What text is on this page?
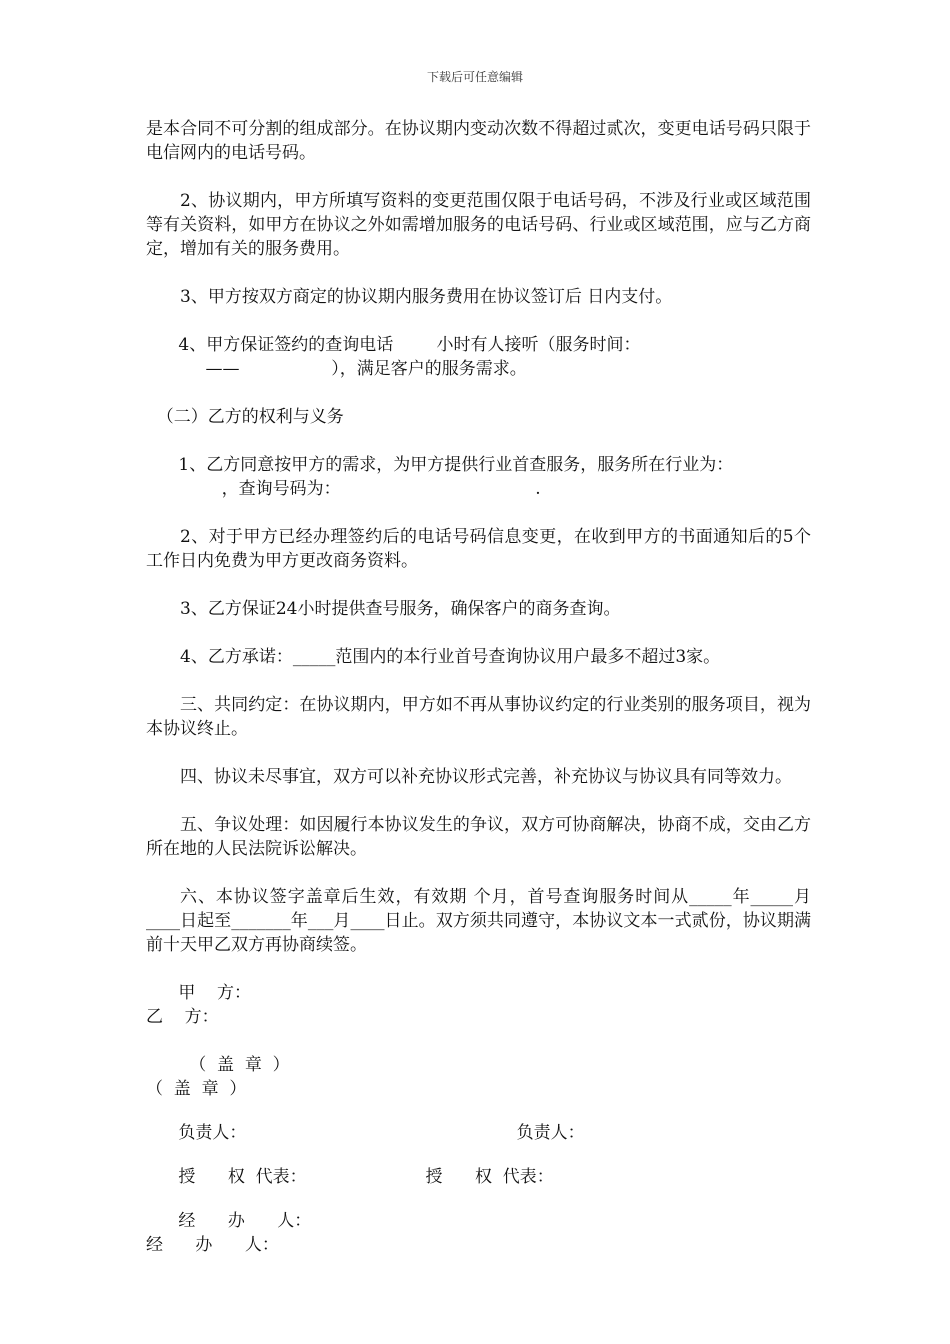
下载后可任意编辑

是本合同不可分割的组成部分。在协议期内变动次数不得超过贰次，变更电话号码只限于电信网内的电话号码。

2、协议期内，甲方所填写资料的变更范围仅限于电话号码，不涉及行业或区域范围等有关资料，如甲方在协议之外如需增加服务的电话号码、行业或区域范围，应与乙方商定，增加有关的服务费用。

3、甲方按双方商定的协议期内服务费用在协议签订后 日内支付。

4、甲方保证签约的查询电话        小时有人接听（服务时间：
——                 ），满足客户的服务需求。
（二）乙方的权利与义务
1、乙方同意按甲方的需求，为甲方提供行业首查服务，服务所在行业为：
，查询号码为：                                    .

2、对于甲方已经办理签约后的电话号码信息变更，在收到甲方的书面通知后的5个工作日内免费为甲方更改商务资料。

3、乙方保证24小时提供查号服务，确保客户的商务查询。

4、乙方承诺：_____范围内的本行业首号查询协议用户最多不超过3家。

三、共同约定：在协议期内，甲方如不再从事协议约定的行业类别的服务项目，视为本协议终止。

四、协议未尽事宜，双方可以补充协议形式完善，补充协议与协议具有同等效力。

五、争议处理：如因履行本协议发生的争议，双方可协商解决，协商不成，交由乙方所在地的人民法院诉讼解决。

六、本协议签字盖章后生效，有效期 个月，首号查询服务时间从_____年_____月____日起至_______年___月____日止。双方须共同遵守，本协议文本一式贰份，协议期满前十天甲乙双方再协商续签。

甲    方：
乙    方：
（  盖  章  ）
（  盖  章  ）
负责人：                                                  负责人：
授      权  代表：                      授      权  代表：
经      办      人：
经      办      人：
